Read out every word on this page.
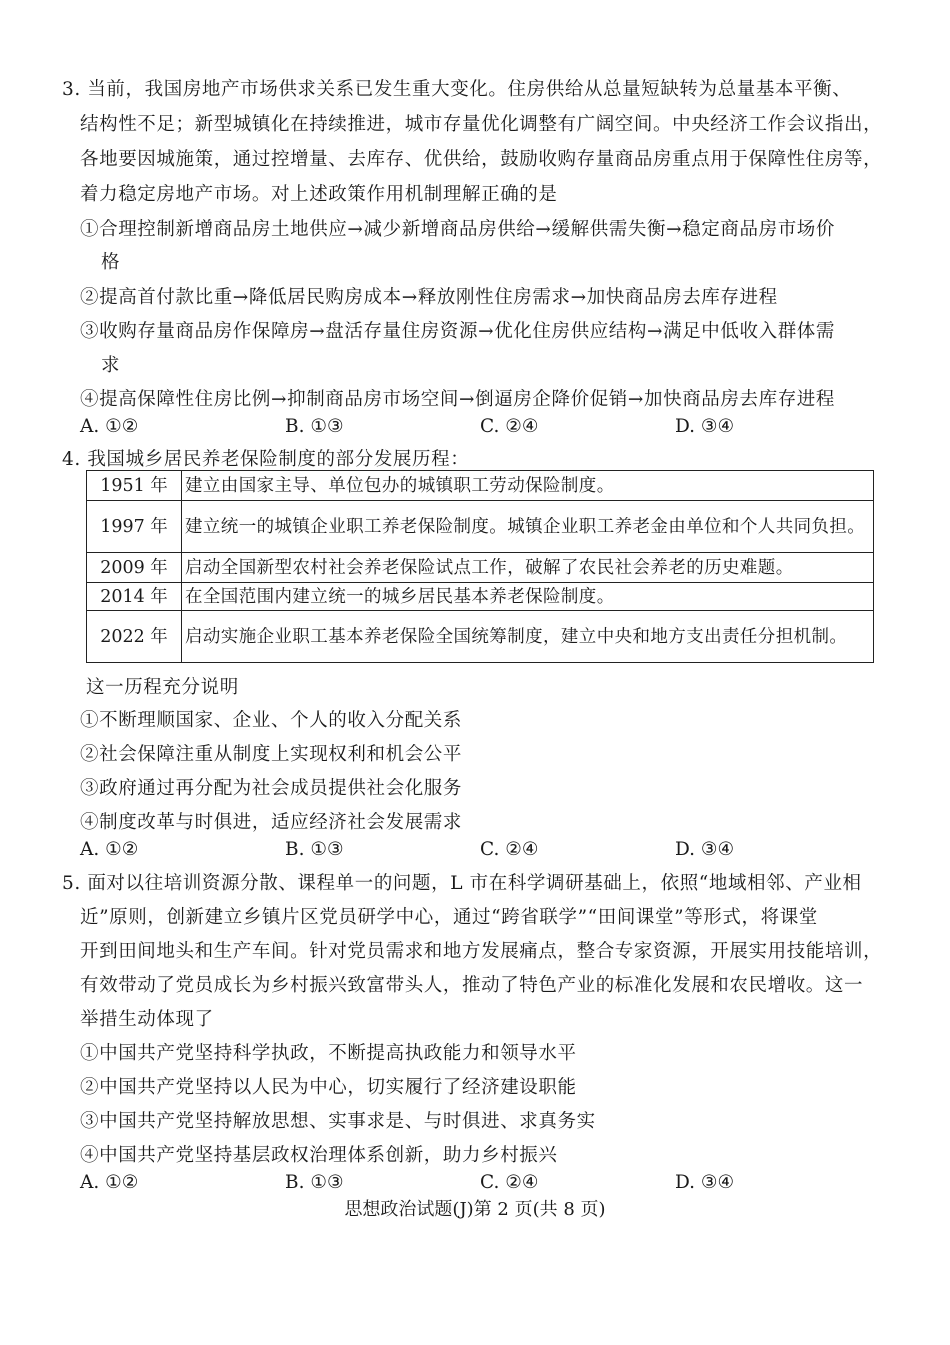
3. 当前，我国房地产市场供求关系已发生重大变化。住房供给从总量短缺转为总量基本平衡、
结构性不足；新型城镇化在持续推进，城市存量优化调整有广阔空间。中央经济工作会议指出，
各地要因城施策，通过控增量、去库存、优供给，鼓励收购存量商品房重点用于保障性住房等，
着力稳定房地产市场。对上述政策作用机制理解正确的是
①合理控制新增商品房土地供应→减少新增商品房供给→缓解供需失衡→稳定商品房市场价
格
②提高首付款比重→降低居民购房成本→释放刚性住房需求→加快商品房去库存进程
③收购存量商品房作保障房→盘活存量住房资源→优化住房供应结构→满足中低收入群体需
求
④提高保障性住房比例→抑制商品房市场空间→倒逼房企降价促销→加快商品房去库存进程
A. ①②	B. ①③	C. ②④	D. ③④
4. 我国城乡居民养老保险制度的部分发展历程：
1951 年	建立由国家主导、单位包办的城镇职工劳动保险制度。
1997 年	建立统一的城镇企业职工养老保险制度。城镇企业职工养老金由单位和个人共同负担。
2009 年	启动全国新型农村社会养老保险试点工作，破解了农民社会养老的历史难题。
2014 年	在全国范围内建立统一的城乡居民基本养老保险制度。
2022 年	启动实施企业职工基本养老保险全国统筹制度，建立中央和地方支出责任分担机制。
这一历程充分说明
①不断理顺国家、企业、个人的收入分配关系
②社会保障注重从制度上实现权利和机会公平
③政府通过再分配为社会成员提供社会化服务
④制度改革与时俱进，适应经济社会发展需求
A. ①②	B. ①③	C. ②④	D. ③④
5. 面对以往培训资源分散、课程单一的问题，L 市在科学调研基础上，依照“地域相邻、产业相
近”原则，创新建立乡镇片区党员研学中心，通过“跨省联学”“田间课堂”等形式，将课堂
开到田间地头和生产车间。针对党员需求和地方发展痛点，整合专家资源，开展实用技能培训，
有效带动了党员成长为乡村振兴致富带头人，推动了特色产业的标准化发展和农民增收。这一
举措生动体现了
①中国共产党坚持科学执政，不断提高执政能力和领导水平
②中国共产党坚持以人民为中心，切实履行了经济建设职能
③中国共产党坚持解放思想、实事求是、与时俱进、求真务实
④中国共产党坚持基层政权治理体系创新，助力乡村振兴
A. ①②	B. ①③	C. ②④	D. ③④
思想政治试题(J)第 2 页(共 8 页)
